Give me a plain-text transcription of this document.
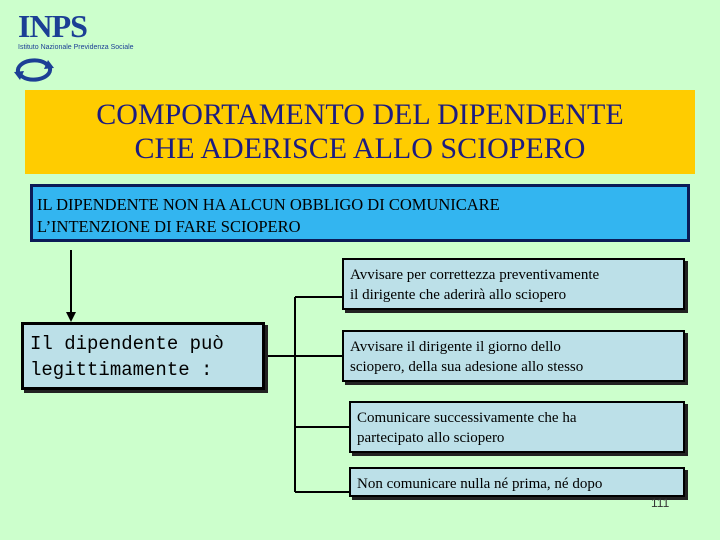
INPS
Istituto Nazionale Previdenza Sociale
COMPORTAMENTO DEL DIPENDENTE
CHE ADERISCE ALLO SCIOPERO
IL DIPENDENTE NON HA ALCUN OBBLIGO DI COMUNICARE
L’INTENZIONE DI FARE SCIOPERO
Il dipendente può
legittimamente :
Avvisare per correttezza preventivamente
il dirigente che aderirà allo sciopero
Avvisare il dirigente il giorno dello
sciopero, della sua adesione allo stesso
Comunicare successivamente che ha
partecipato allo sciopero
Non comunicare nulla né prima, né dopo
111
